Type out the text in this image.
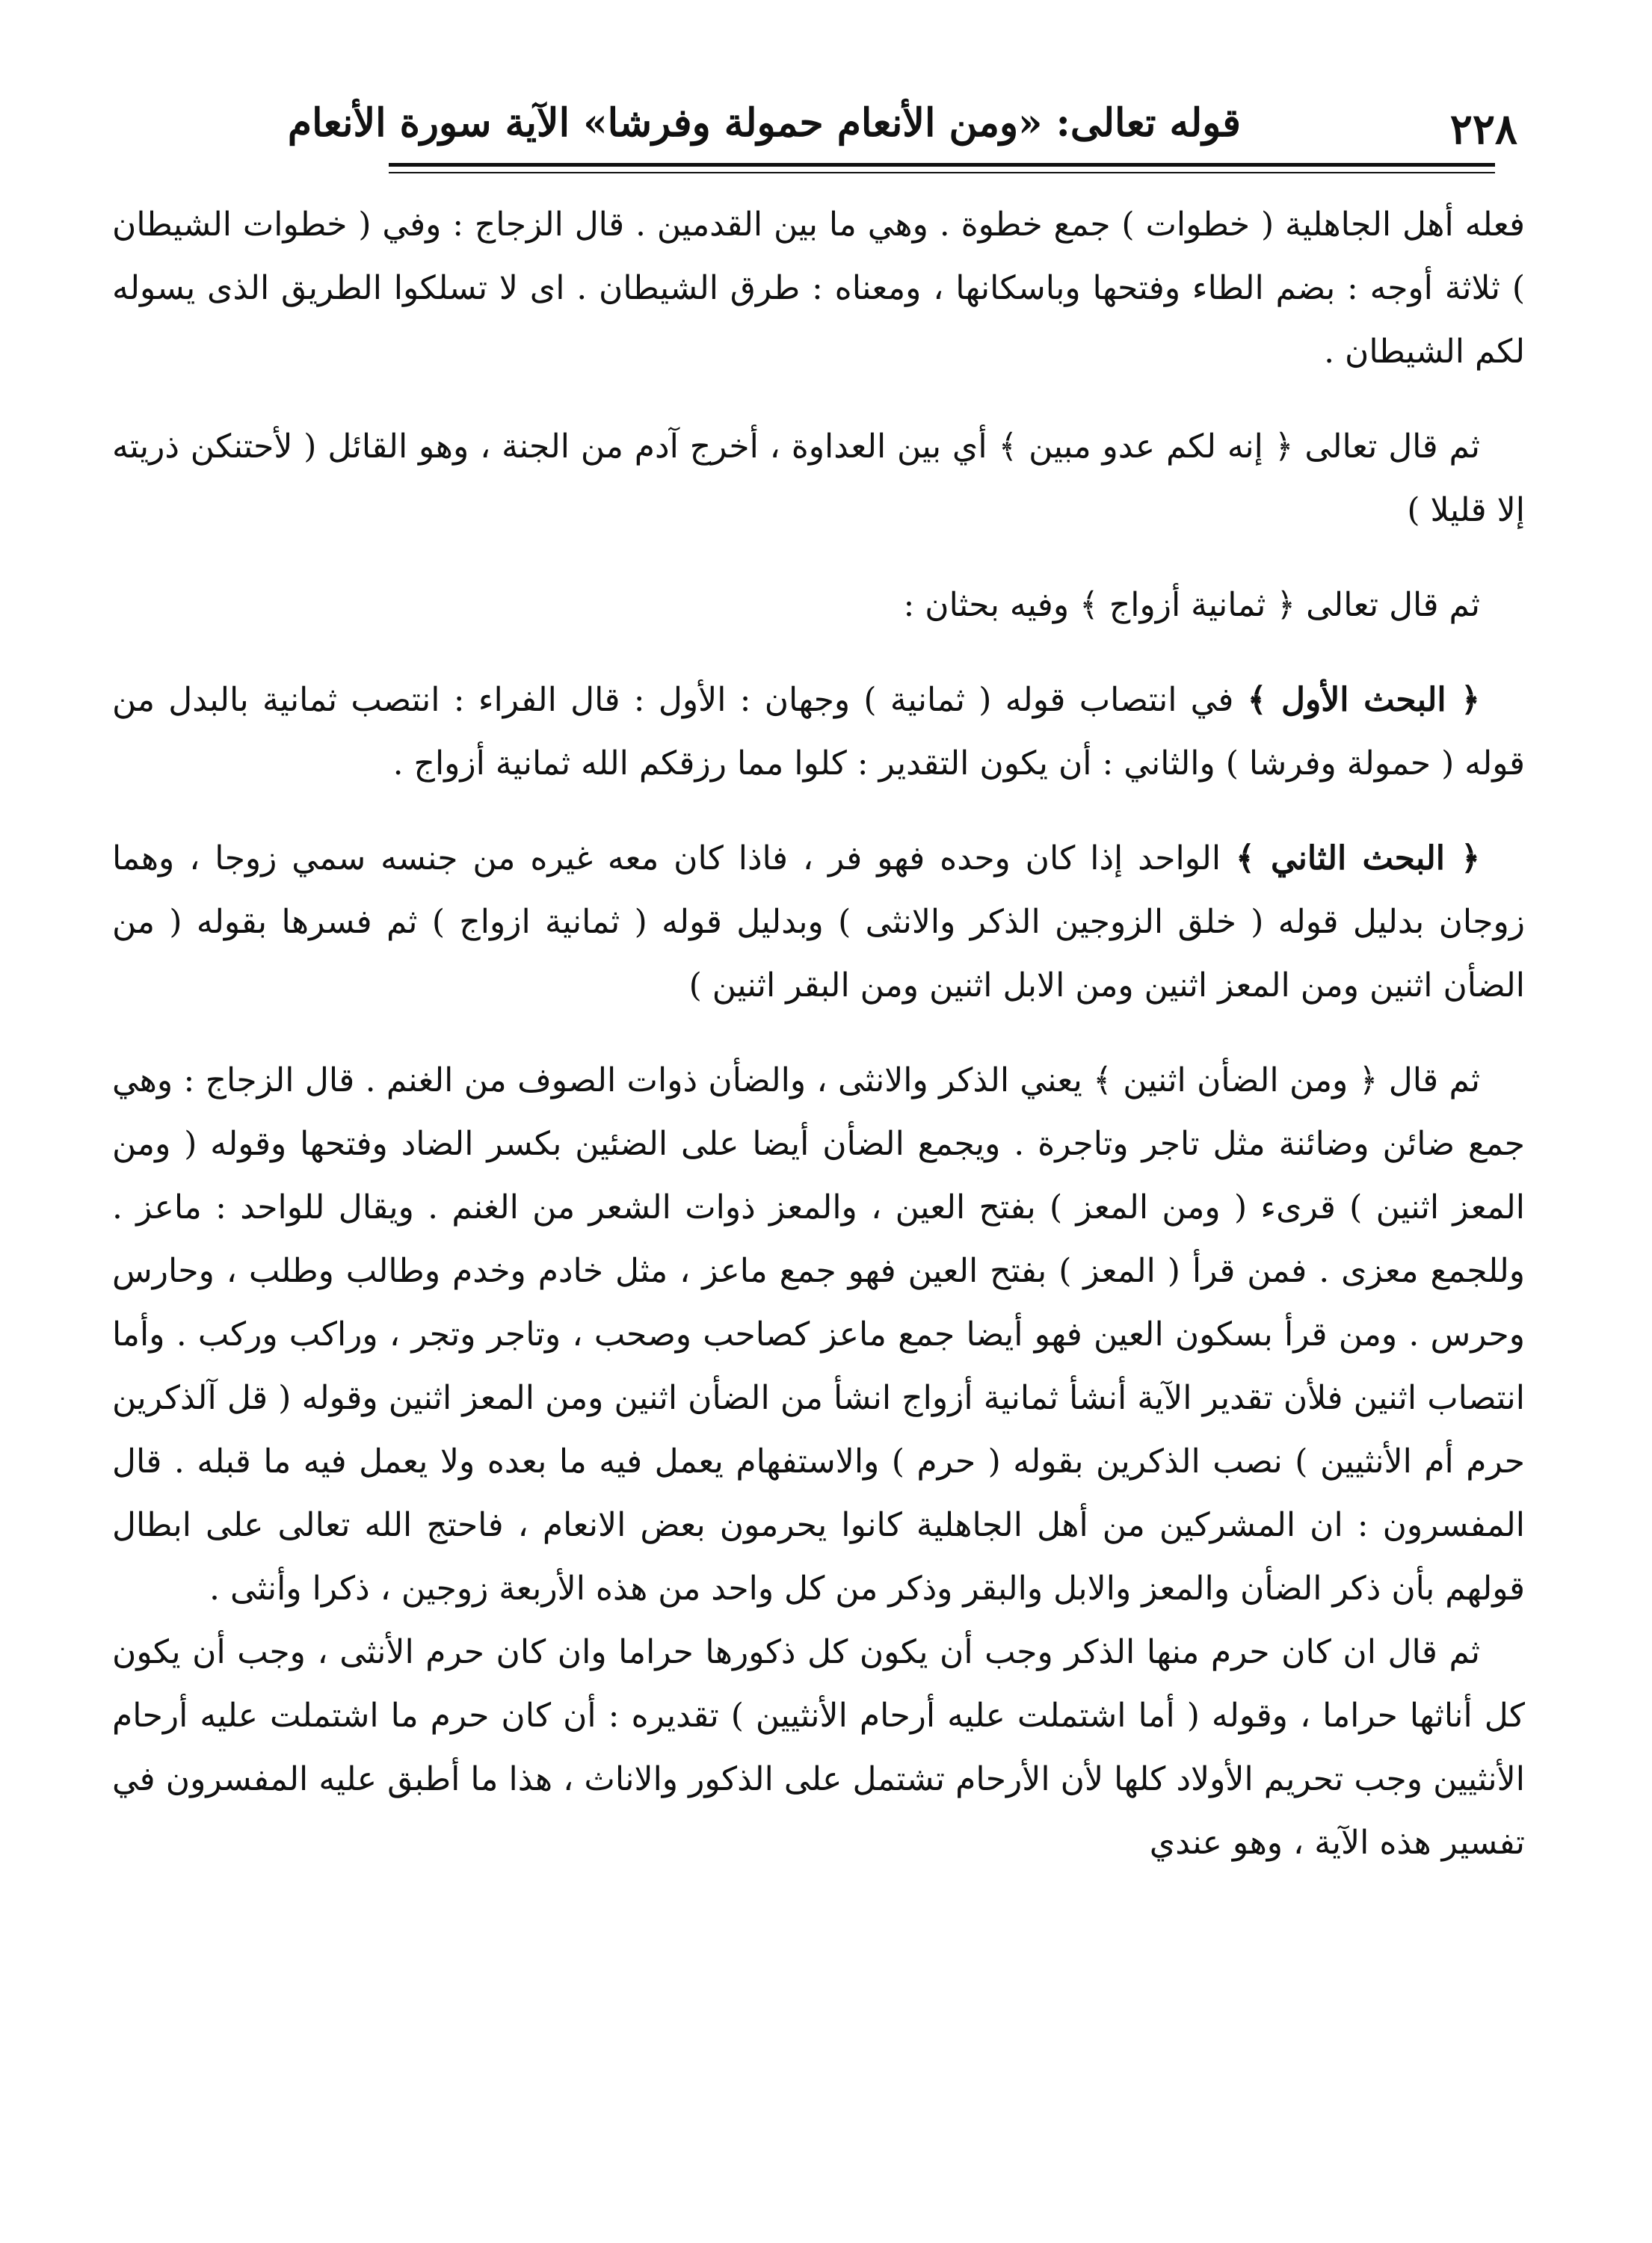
٢٢٨
قوله تعالى: «ومن الأنعام حمولة وفرشا» الآية سورة الأنعام

فعله أهل الجاهلية ( خطوات ) جمع خطوة . وهي ما بين القدمين . قال الزجاج : وفي ( خطوات الشيطان ) ثلاثة أوجه : بضم الطاء وفتحها وباسكانها ، ومعناه : طرق الشيطان . اى لا تسلكوا الطريق الذى يسوله لكم الشيطان .

ثم قال تعالى ﴿ إنه لكم عدو مبين ﴾ أي بين العداوة ، أخرج آدم من الجنة ، وهو القائل ( لأحتنكن ذريته إلا قليلا )

ثم قال تعالى ﴿ ثمانية أزواج ﴾ وفيه بحثان :

﴿ البحث الأول ﴾ في انتصاب قوله ( ثمانية ) وجهان : الأول : قال الفراء : انتصب ثمانية بالبدل من قوله ( حمولة وفرشا ) والثاني : أن يكون التقدير : كلوا مما رزقكم الله ثمانية أزواج .

﴿ البحث الثاني ﴾ الواحد إذا كان وحده فهو فر ، فاذا كان معه غيره من جنسه سمي زوجا ، وهما زوجان بدليل قوله ( خلق الزوجين الذكر والانثى ) وبدليل قوله ( ثمانية ازواج ) ثم فسرها بقوله ( من الضأن اثنين ومن المعز اثنين ومن الابل اثنين ومن البقر اثنين )

ثم قال ﴿ ومن الضأن اثنين ﴾ يعني الذكر والانثى ، والضأن ذوات الصوف من الغنم . قال الزجاج : وهي جمع ضائن وضائنة مثل تاجر وتاجرة . ويجمع الضأن أيضا على الضئين بكسر الضاد وفتحها وقوله ( ومن المعز اثنين ) قرىء ( ومن المعز ) بفتح العين ، والمعز ذوات الشعر من الغنم . ويقال للواحد : ماعز . وللجمع معزى . فمن قرأ ( المعز ) بفتح العين فهو جمع ماعز ، مثل خادم وخدم وطالب وطلب ، وحارس وحرس . ومن قرأ بسكون العين فهو أيضا جمع ماعز كصاحب وصحب ، وتاجر وتجر ، وراكب وركب . وأما انتصاب اثنين فلأن تقدير الآية أنشأ ثمانية أزواج انشأ من الضأن اثنين ومن المعز اثنين وقوله ( قل آلذكرين حرم أم الأنثيين ) نصب الذكرين بقوله ( حرم ) والاستفهام يعمل فيه ما بعده ولا يعمل فيه ما قبله . قال المفسرون : ان المشركين من أهل الجاهلية كانوا يحرمون بعض الانعام ، فاحتج الله تعالى على ابطال قولهم بأن ذكر الضأن والمعز والابل والبقر وذكر من كل واحد من هذه الأربعة زوجين ، ذكرا وأنثى .

ثم قال ان كان حرم منها الذكر وجب أن يكون كل ذكورها حراما وان كان حرم الأنثى ، وجب أن يكون كل أناثها حراما ، وقوله ( أما اشتملت عليه أرحام الأنثيين ) تقديره : أن كان حرم ما اشتملت عليه أرحام الأنثيين وجب تحريم الأولاد كلها لأن الأرحام تشتمل على الذكور والاناث ، هذا ما أطبق عليه المفسرون في تفسير هذه الآية ، وهو عندي
